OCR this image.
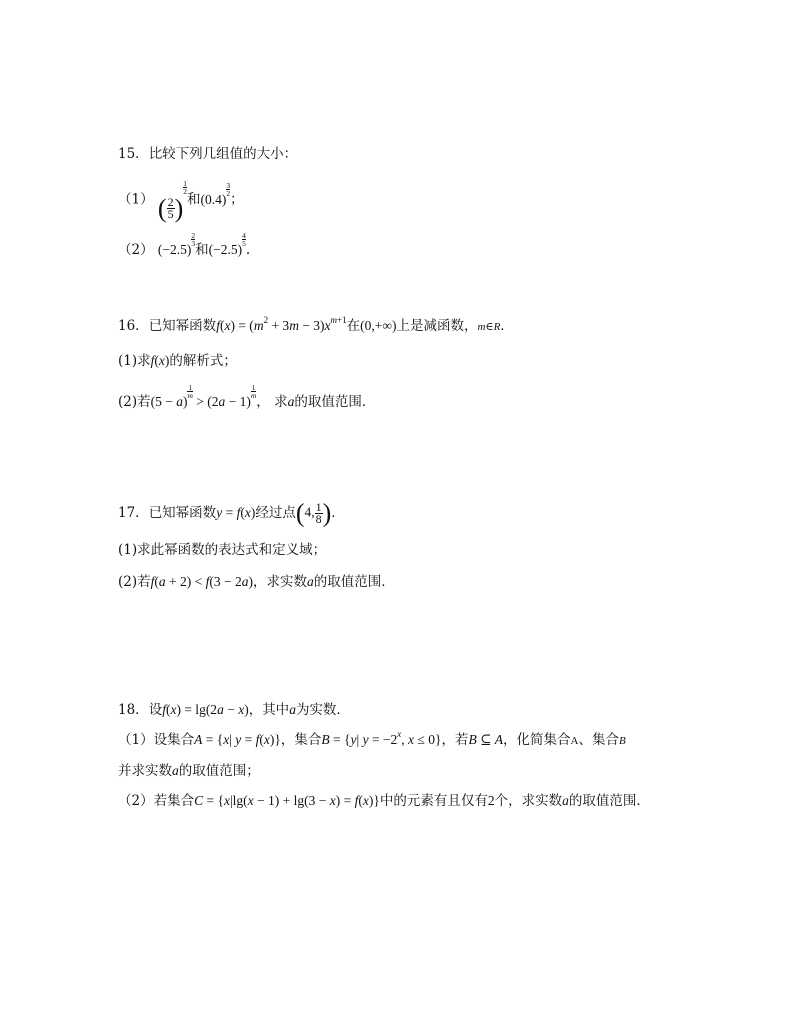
15．比较下列几组值的大小：
（1） ( $\frac{2}{5}$ )
$\frac{1}{2}$
和(0.4)
$\frac{3}{2}$
；
（2） (−2.5)
$\frac{2}{3}$
和(−2.5)
$\frac{4}{5}$
.
16．已知幂函数$f(x) = (m^2 + 3m - 3)x^{m+1}$在(0,+∞)上是减函数，m∈R．
(1)求f(x)的解析式；
(2)若(5 − a)
$\frac{1}{m}$
> (2a − 1)
$\frac{1}{m}$
， 求a的取值范围．
17．已知幂函数y = f(x)经过点(4, $\frac{1}{8}$ )．
(1)求此幂函数的表达式和定义域；
(2)若f(a + 2) < f(3 − 2a)，求实数a的取值范围．
18．设f(x) = lg(2a − x)，其中a为实数．
（1）设集合A = {x| y = f(x)}，集合B = {y| $y = -2^x$, x ≤ 0}，若B ⊆ A，化简集合A、集合B
并求实数a的取值范围；
（2）若集合C = {x|lg(x − 1) + lg(3 − x) = f(x)}中的元素有且仅有2个，求实数a的取值范围．
